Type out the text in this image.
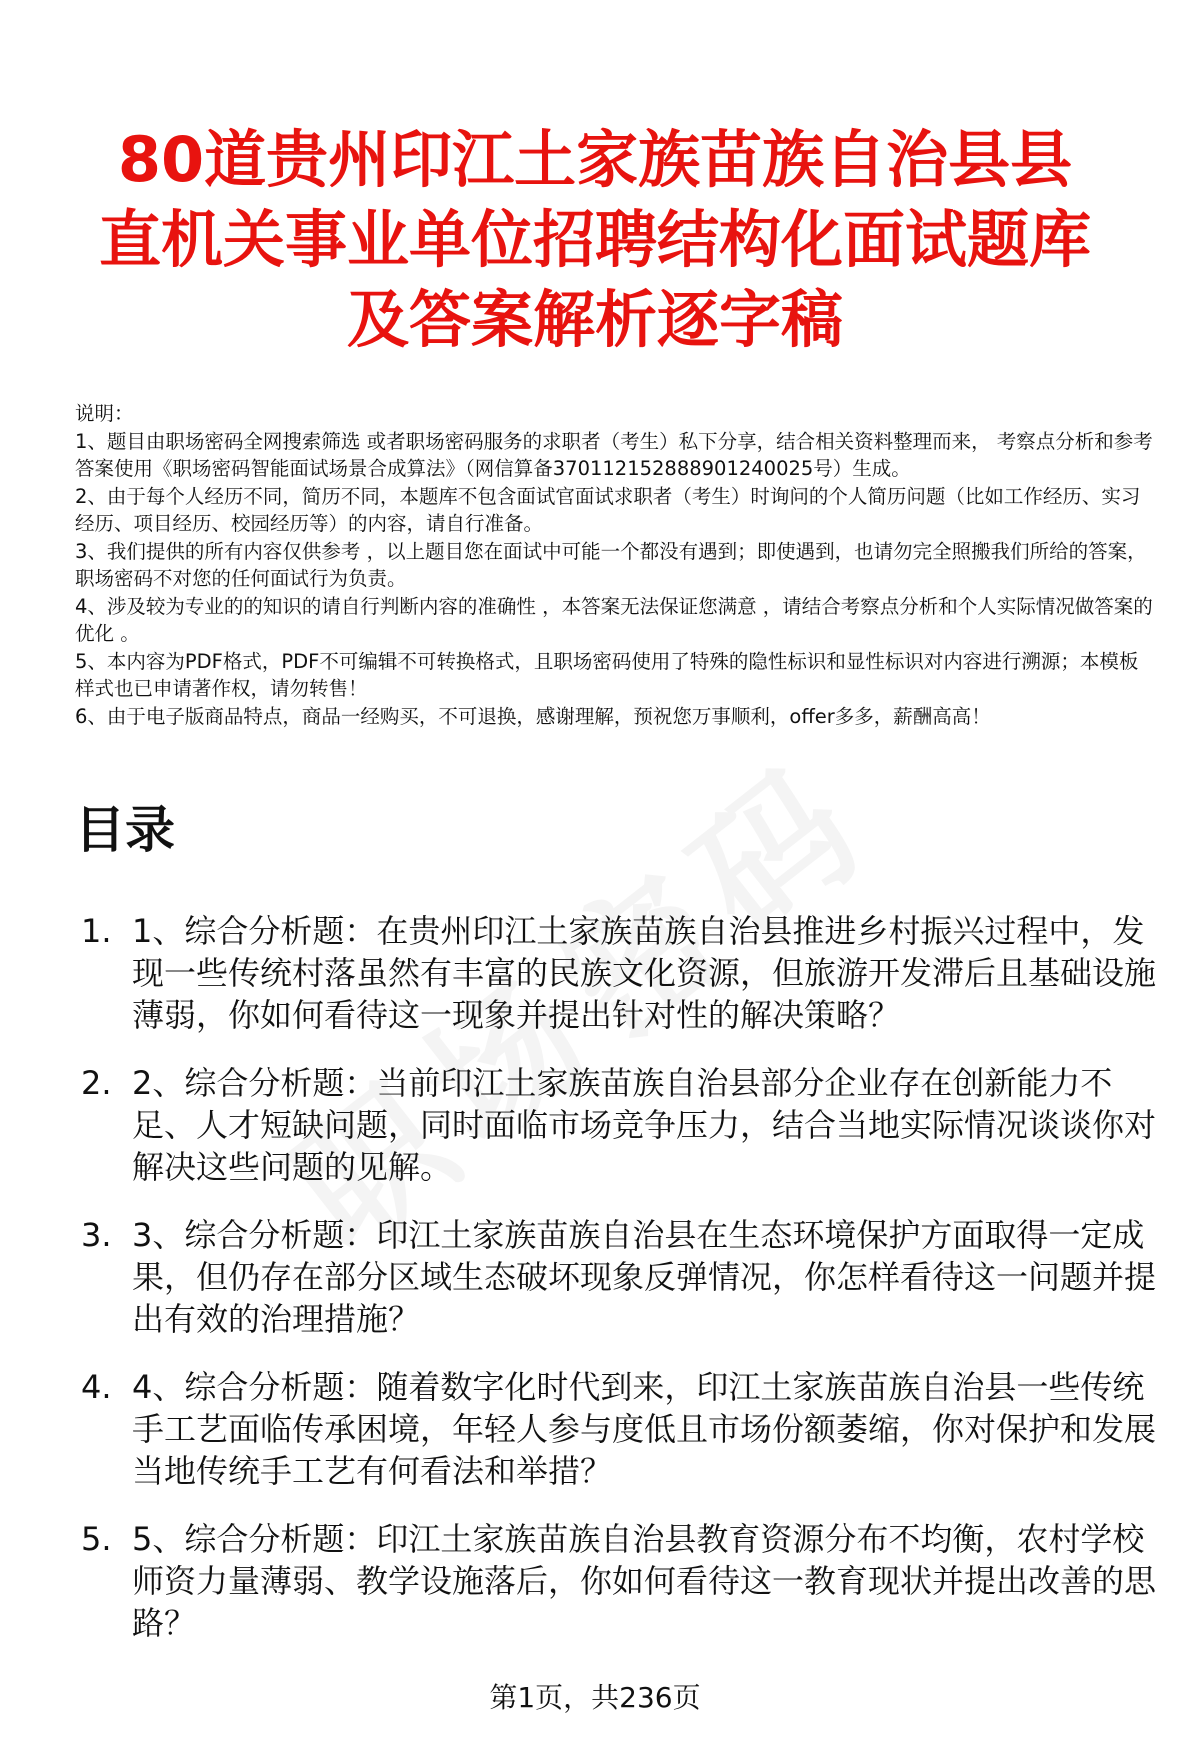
80道贵州印江土家族苗族自治县县直机关事业单位招聘结构化面试题库及答案解析逐字稿

说明：

1、题目由职场密码全网搜索筛选 或者职场密码服务的求职者（考生）私下分享，结合相关资料整理而来， 考察点分析和参考答案使用《职场密码智能面试场景合成算法》（网信算备370112152888901240025号）生成。

2、由于每个人经历不同，简历不同，本题库不包含面试官面试求职者（考生）时询问的个人简历问题（比如工作经历、实习经历、项目经历、校园经历等）的内容，请自行准备。

3、我们提供的所有内容仅供参考 ，以上题目您在面试中可能一个都没有遇到；即使遇到，也请勿完全照搬我们所给的答案，职场密码不对您的任何面试行为负责。

4、涉及较为专业的的知识的请自行判断内容的准确性 ，本答案无法保证您满意 ，请结合考察点分析和个人实际情况做答案的优化 。

5、本内容为PDF格式，PDF不可编辑不可转换格式，且职场密码使用了特殊的隐性标识和显性标识对内容进行溯源；本模板样式也已申请著作权，请勿转售！

6、由于电子版商品特点，商品一经购买，不可退换，感谢理解，预祝您万事顺利，offer多多，薪酬高高！

目录
1. 1、综合分析题：在贵州印江土家族苗族自治县推进乡村振兴过程中，发现一些传统村落虽然有丰富的民族文化资源，但旅游开发滞后且基础设施薄弱，你如何看待这一现象并提出针对性的解决策略？
2. 2、综合分析题：当前印江土家族苗族自治县部分企业存在创新能力不足、人才短缺问题，同时面临市场竞争压力，结合当地实际情况谈谈你对解决这些问题的见解。
3. 3、综合分析题：印江土家族苗族自治县在生态环境保护方面取得一定成果，但仍存在部分区域生态破坏现象反弹情况，你怎样看待这一问题并提出有效的治理措施？
4. 4、综合分析题：随着数字化时代到来，印江土家族苗族自治县一些传统手工艺面临传承困境，年轻人参与度低且市场份额萎缩，你对保护和发展当地传统手工艺有何看法和举措？
5. 5、综合分析题：印江土家族苗族自治县教育资源分布不均衡，农村学校师资力量薄弱、教学设施落后，你如何看待这一教育现状并提出改善的思路？
第1页，共236页
